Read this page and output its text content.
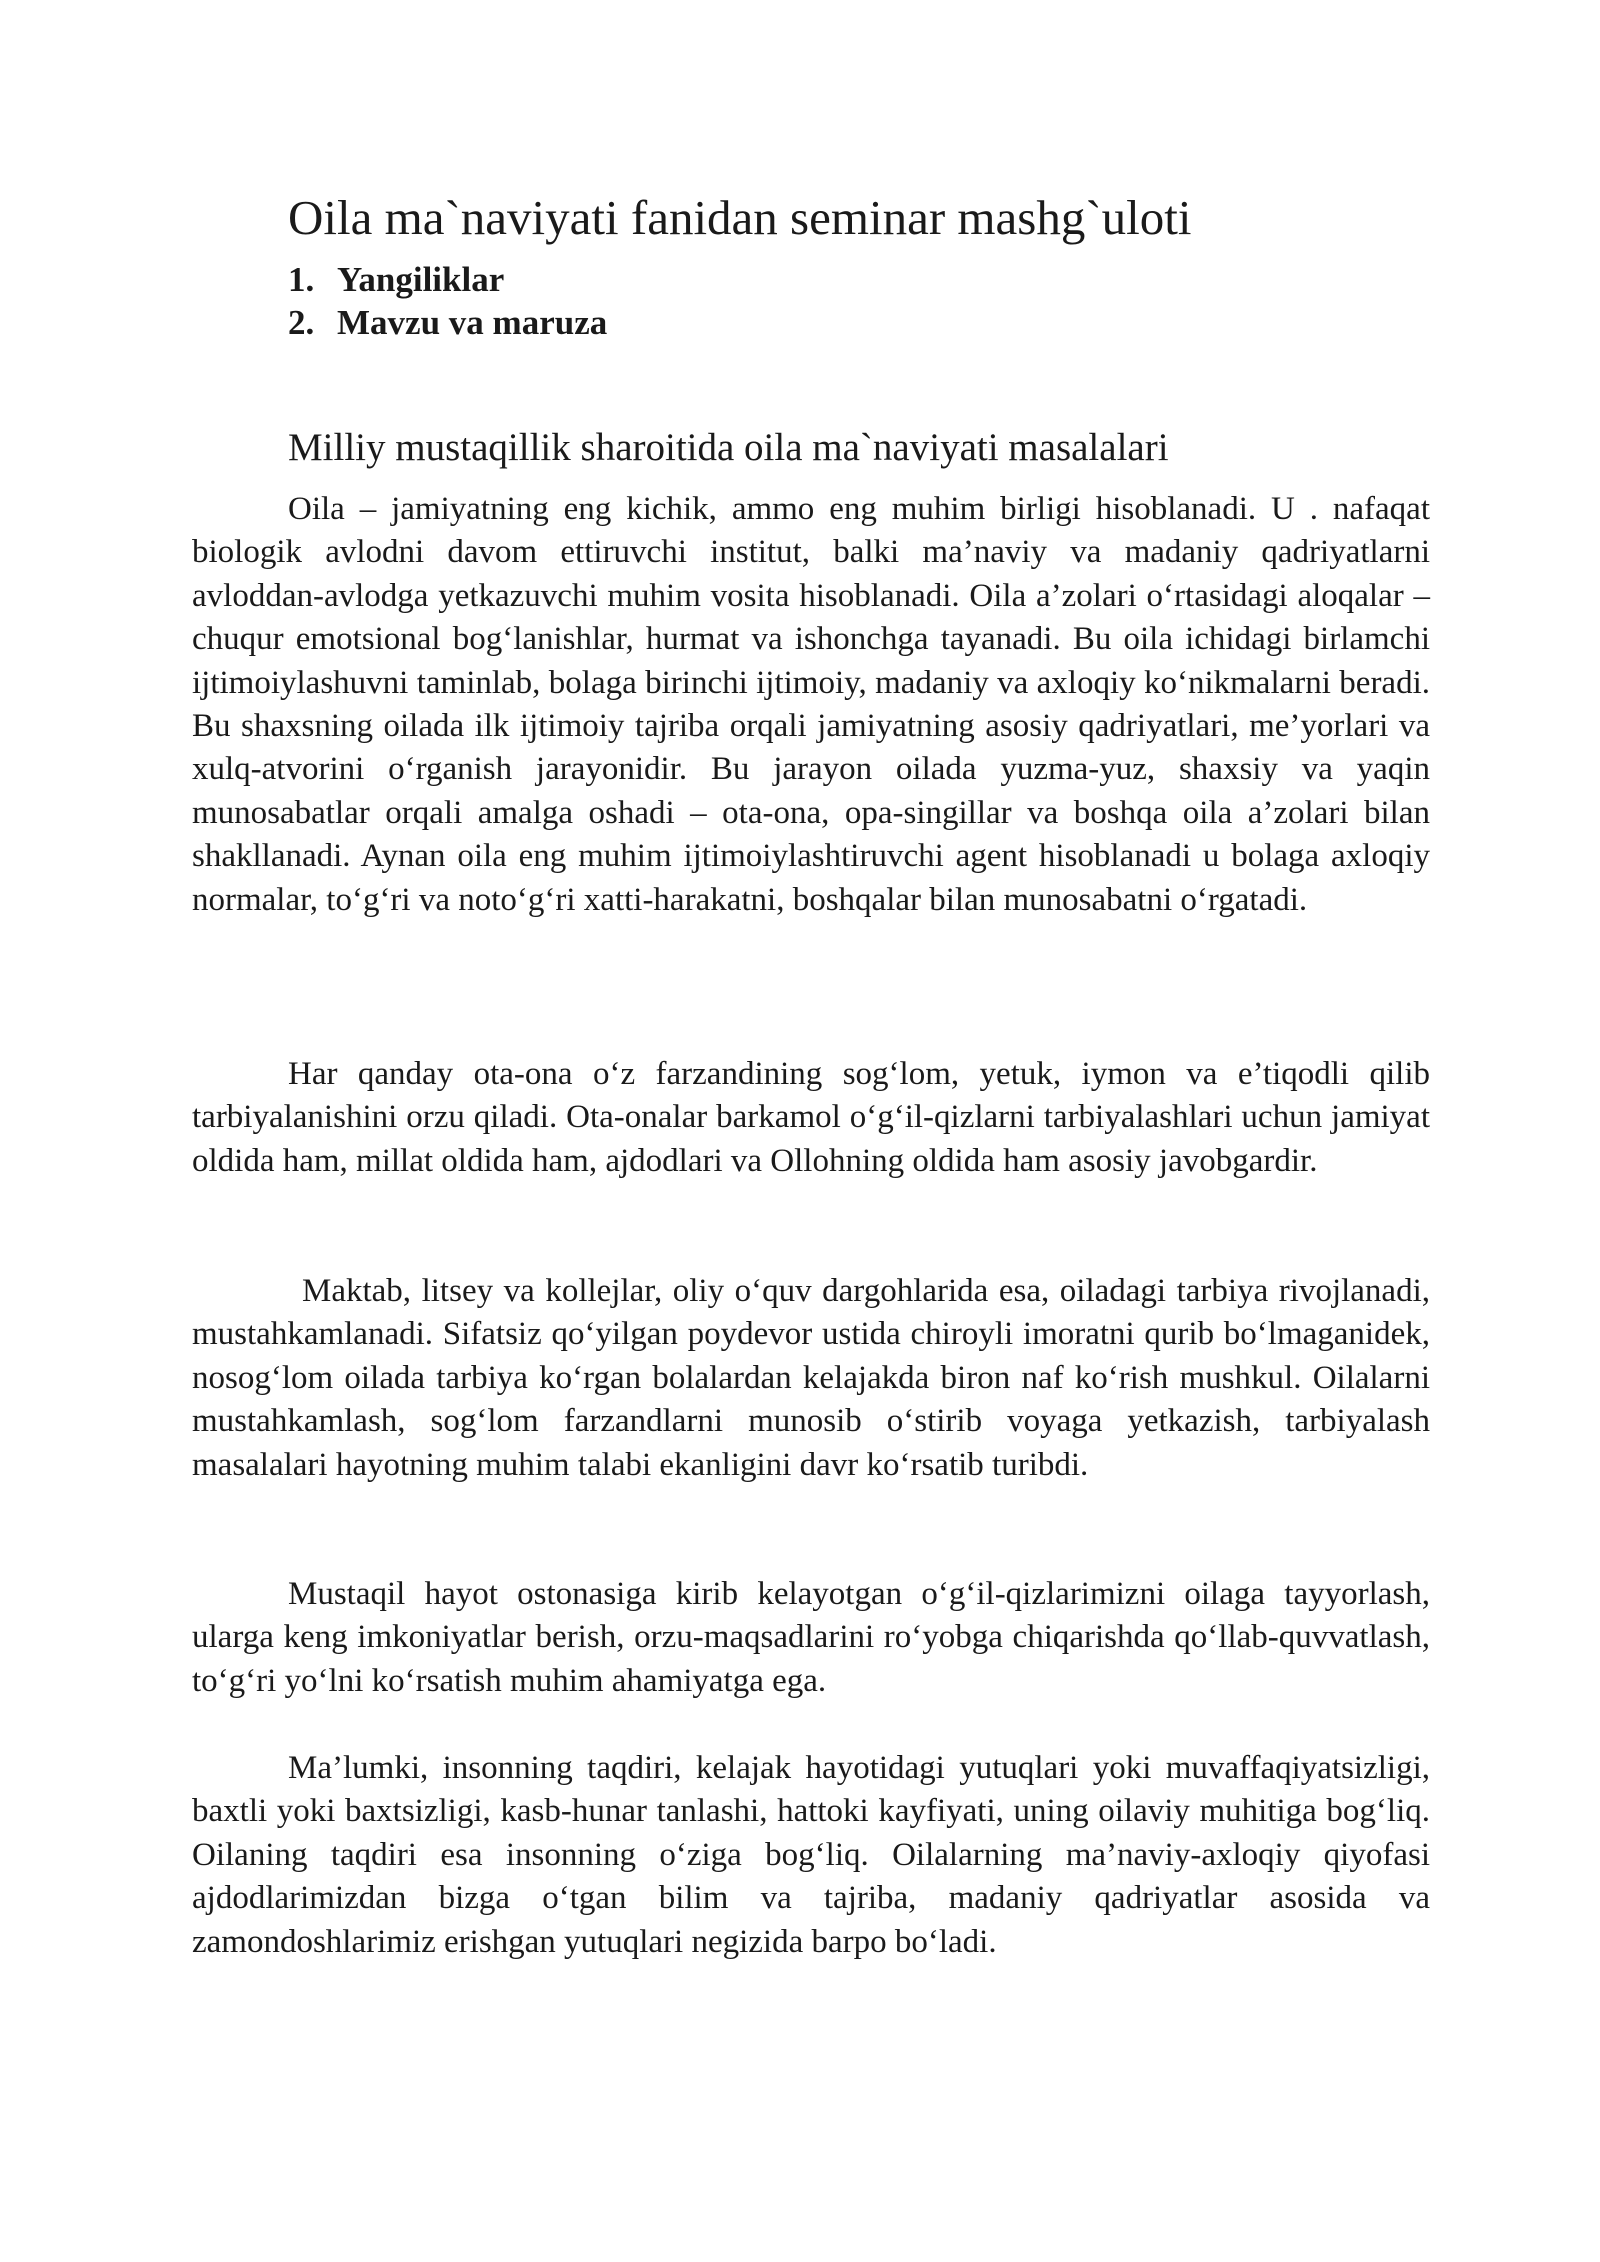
Oila ma`naviyati fanidan seminar mashg`uloti
1. Yangiliklar
2. Mavzu va maruza
Milliy mustaqillik sharoitida oila ma`naviyati masalalari

Oila – jamiyatning eng kichik, ammo eng muhim birligi hisoblanadi. U . nafaqat biologik avlodni davom ettiruvchi institut, balki ma’naviy va madaniy qadriyatlarni avloddan-avlodga yetkazuvchi muhim vosita hisoblanadi. Oila a’zolari o‘rtasidagi aloqalar – chuqur emotsional bog‘lanishlar, hurmat va ishonchga tayanadi. Bu oila ichidagi birlamchi ijtimoiylashuvni taminlab, bolaga birinchi ijtimoiy, madaniy va axloqiy ko‘nikmalarni beradi. Bu shaxsning oilada ilk ijtimoiy tajriba orqali jamiyatning asosiy qadriyatlari, me’yorlari va xulq-atvorini o‘rganish jarayonidir. Bu jarayon oilada yuzma-yuz, shaxsiy va yaqin munosabatlar orqali amalga oshadi – ota-ona, opa-singillar va boshqa oila a’zolari bilan shakllanadi. Aynan oila eng muhim ijtimoiylashtiruvchi agent hisoblanadi u bolaga axloqiy normalar, to‘g‘ri va noto‘g‘ri xatti-harakatni, boshqalar bilan munosabatni o‘rgatadi.

Har qanday ota-ona o‘z farzandining sog‘lom, yetuk, iymon va e’tiqodli qilib tarbiyalanishini orzu qiladi. Ota-onalar barkamol o‘g‘il-qizlarni tarbiyalashlari uchun jamiyat oldida ham, millat oldida ham, ajdodlari va Ollohning oldida ham asosiy javobgardir.

Maktab, litsey va kollejlar, oliy o‘quv dargohlarida esa, oiladagi tarbiya rivojlanadi, mustahkamlanadi. Sifatsiz qo‘yilgan poydevor ustida chiroyli imoratni qurib bo‘lmaganidek, nosog‘lom oilada tarbiya ko‘rgan bolalardan kelajakda biron naf ko‘rish mushkul. Oilalarni mustahkamlash, sog‘lom farzandlarni munosib o‘stirib voyaga yetkazish, tarbiyalash masalalari hayotning muhim talabi ekanligini davr ko‘rsatib turibdi.

Mustaqil hayot ostonasiga kirib kelayotgan o‘g‘il-qizlarimizni oilaga tayyorlash, ularga keng imkoniyatlar berish, orzu-maqsadlarini ro‘yobga chiqarishda qo‘llab-quvvatlash, to‘g‘ri yo‘lni ko‘rsatish muhim ahamiyatga ega.

Ma’lumki, insonning taqdiri, kelajak hayotidagi yutuqlari yoki muvaffaqiyatsizligi, baxtli yoki baxtsizligi, kasb-hunar tanlashi, hattoki kayfiyati, uning oilaviy muhitiga bog‘liq. Oilaning taqdiri esa insonning o‘ziga bog‘liq. Oilalarning ma’naviy-axloqiy qiyofasi ajdodlarimizdan bizga o‘tgan bilim va tajriba, madaniy qadriyatlar asosida va zamondoshlarimiz erishgan yutuqlari negizida barpo bo‘ladi.
